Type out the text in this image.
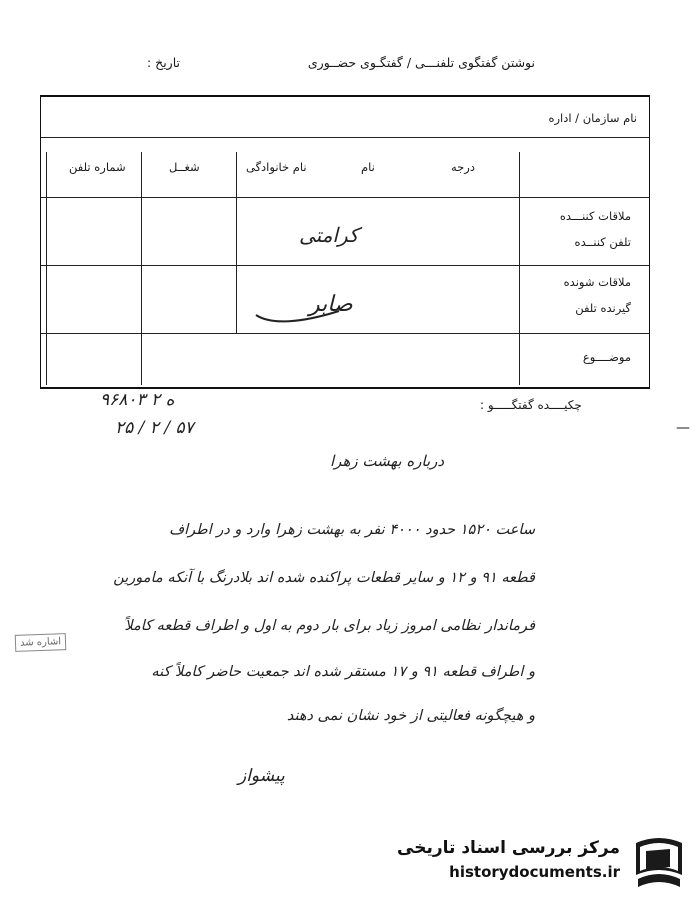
نوشتن گفتگوی تلفنـــی / گفتگـوی حضــوری
تاریخ :
نام سازمان / اداره
درجه
نام
نام خانوادگی
شغــل
شماره تلفن
ملاقات کننـــده
تلفن کننــده
ملاقات شونده
گیرنده تلفن
موضــــوع
کرامتی
صابر
چکیــــده گفتگـــــو :
۹۶۸۰۳ ۲ ه
۲۵ / ۲ / ۵۷	—
درباره بهشت زهرا
ساعت ۱۵۲۰ حدود ۴۰۰۰ نفر به بهشت زهرا وارد و در اطراف
قطعه ۹۱ و ۱۲ و سایر قطعات پراکنده شده اند بلادرنگ با آنکه مامورین
فرماندار نظامی امروز زیاد برای بار دوم به اول و اطراف قطعه کاملاً
و اطراف قطعه ۹۱ و ۱۷ مستقر شده اند جمعیت حاضر کاملاً کنه
و هیچگونه فعالیتی از خود نشان نمی دهند
اشاره شد
پیشواز
مرکز بررسی اسناد تاریخی
historydocuments.ir
